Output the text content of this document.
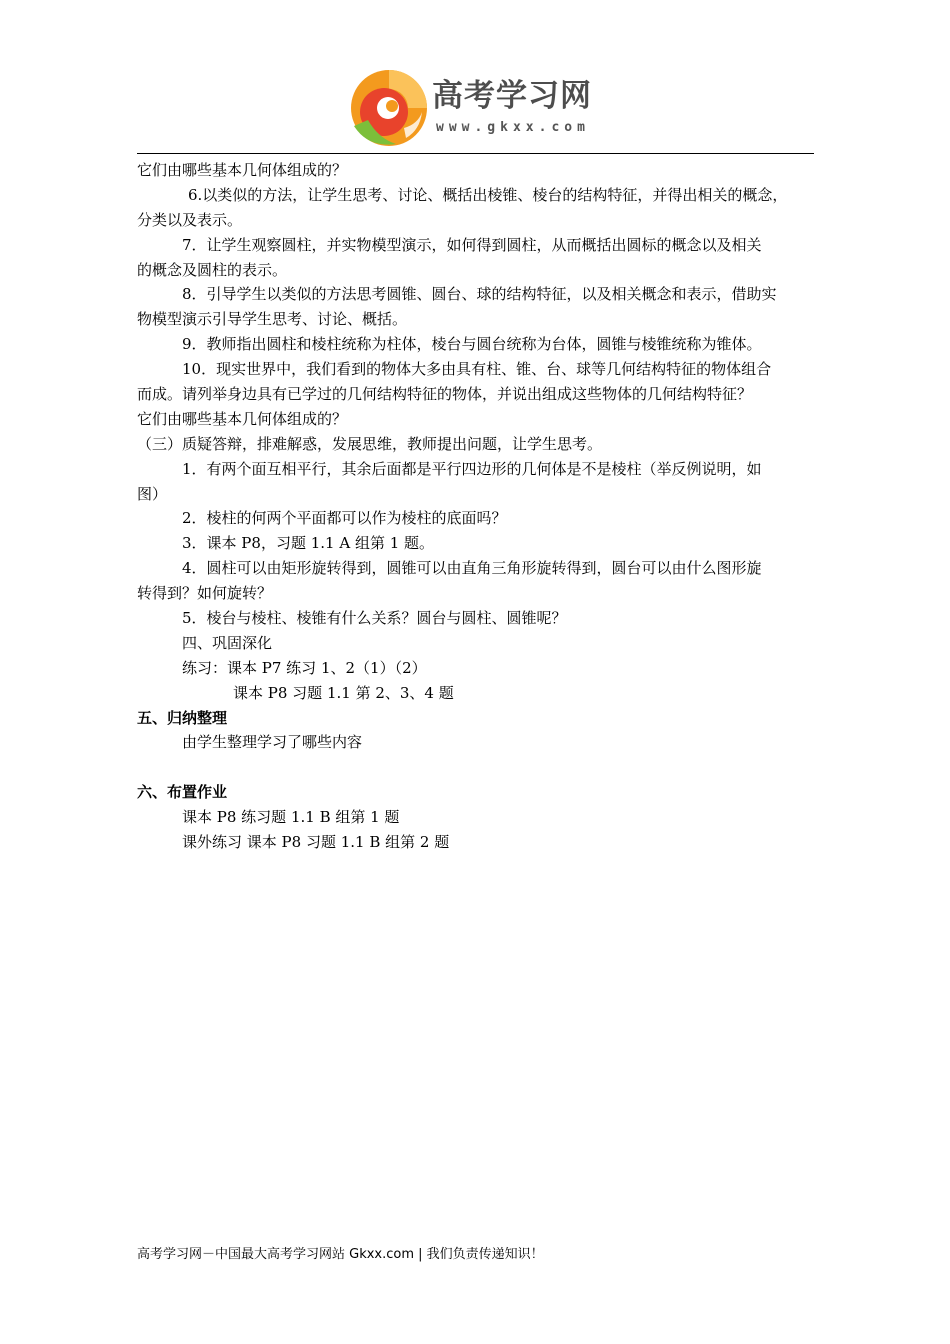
高考学习网
www.gkxx.com
它们由哪些基本几何体组成的？
6.以类似的方法，让学生思考、讨论、概括出棱锥、棱台的结构特征，并得出相关的概念，
分类以及表示。
7．让学生观察圆柱，并实物模型演示，如何得到圆柱，从而概括出圆标的概念以及相关
的概念及圆柱的表示。
8．引导学生以类似的方法思考圆锥、圆台、球的结构特征，以及相关概念和表示，借助实
物模型演示引导学生思考、讨论、概括。
9．教师指出圆柱和棱柱统称为柱体，棱台与圆台统称为台体，圆锥与棱锥统称为锥体。
10．现实世界中，我们看到的物体大多由具有柱、锥、台、球等几何结构特征的物体组合
而成。请列举身边具有已学过的几何结构特征的物体，并说出组成这些物体的几何结构特征？
它们由哪些基本几何体组成的？
（三）质疑答辩，排难解惑，发展思维，教师提出问题，让学生思考。
1．有两个面互相平行，其余后面都是平行四边形的几何体是不是棱柱（举反例说明，如
图）
2．棱柱的何两个平面都可以作为棱柱的底面吗？
3．课本 P8，习题 1.1 A 组第 1 题。
4．圆柱可以由矩形旋转得到，圆锥可以由直角三角形旋转得到，圆台可以由什么图形旋
转得到？如何旋转？
5．棱台与棱柱、棱锥有什么关系？圆台与圆柱、圆锥呢？
四、巩固深化
练习：课本 P7 练习 1、2（1）（2）
课本 P8 习题 1.1 第 2、3、4 题
五、归纳整理
由学生整理学习了哪些内容
六、布置作业
课本 P8 练习题 1.1 B 组第 1 题
课外练习 课本 P8 习题 1.1 B 组第 2 题
高考学习网－中国最大高考学习网站 Gkxx.com | 我们负责传递知识！
